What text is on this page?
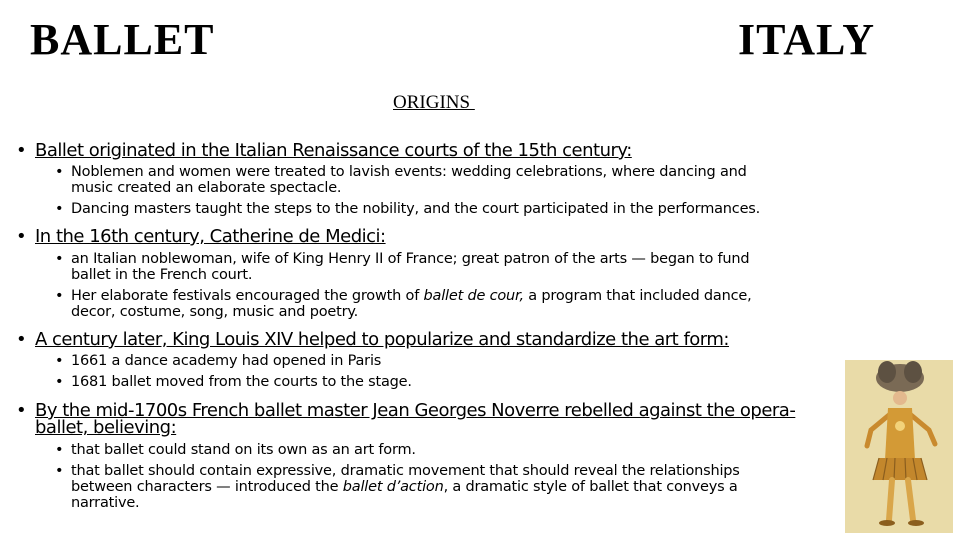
BALLET	ITALY
ORIGINS
• Ballet originated in the Italian Renaissance courts of the 15th century:
• Noblemen and women were treated to lavish events: wedding celebrations, where dancing and
music created an elaborate spectacle.
• Dancing masters taught the steps to the nobility, and the court participated in the performances.
• In the 16th century, Catherine de Medici:
• an Italian noblewoman, wife of King Henry II of France; great patron of the arts — began to fund
ballet in the French court.
• Her elaborate festivals encouraged the growth of ballet de cour, a program that included dance,
decor, costume, song, music and poetry.
• A century later, King Louis XIV helped to popularize and standardize the art form:
• 1661 a dance academy had opened in Paris
• 1681 ballet moved from the courts to the stage.
• By the mid-1700s French ballet master Jean Georges Noverre rebelled against the opera-
ballet, believing:
• that ballet could stand on its own as an art form.
• that ballet should contain expressive, dramatic movement that should reveal the relationships
between characters — introduced the ballet d’action, a dramatic style of ballet that conveys a
narrative.
